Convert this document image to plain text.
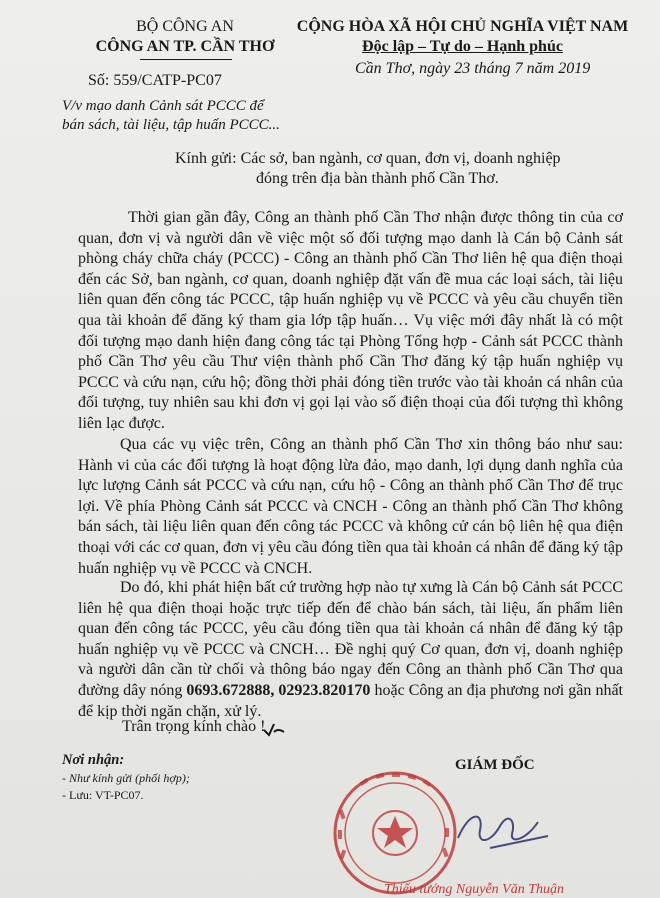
BỘ CÔNG AN
CÔNG AN TP. CẦN THƠ
CỘNG HÒA XÃ HỘI CHỦ NGHĨA VIỆT NAM
Độc lập – Tự do – Hạnh phúc
Số: 559/CATP-PC07
Cần Thơ, ngày 23 tháng 7 năm 2019
V/v mạo danh Cảnh sát PCCC để
bán sách, tài liệu, tập huấn PCCC...
Kính gửi: Các sở, ban ngành, cơ quan, đơn vị, doanh nghiệp
đóng trên địa bàn thành phố Cần Thơ.
Thời gian gần đây, Công an thành phố Cần Thơ nhận được thông tin của cơ quan, đơn vị và người dân về việc một số đối tượng mạo danh là Cán bộ Cảnh sát phòng cháy chữa cháy (PCCC) - Công an thành phố Cần Thơ liên hệ qua điện thoại đến các Sở, ban ngành, cơ quan, doanh nghiệp đặt vấn đề mua các loại sách, tài liệu liên quan đến công tác PCCC, tập huấn nghiệp vụ về PCCC và yêu cầu chuyển tiền qua tài khoản để đăng ký tham gia lớp tập huấn… Vụ việc mới đây nhất là có một đối tượng mạo danh hiện đang công tác tại Phòng Tổng hợp - Cảnh sát PCCC thành phố Cần Thơ yêu cầu Thư viện thành phố Cần Thơ đăng ký tập huấn nghiệp vụ PCCC và cứu nạn, cứu hộ; đồng thời phải đóng tiền trước vào tài khoản cá nhân của đối tượng, tuy nhiên sau khi đơn vị gọi lại vào số điện thoại của đối tượng thì không liên lạc được.
Qua các vụ việc trên, Công an thành phố Cần Thơ xin thông báo như sau: Hành vi của các đối tượng là hoạt động lừa đảo, mạo danh, lợi dụng danh nghĩa của lực lượng Cảnh sát PCCC và cứu nạn, cứu hộ - Công an thành phố Cần Thơ để trục lợi. Về phía Phòng Cảnh sát PCCC và CNCH - Công an thành phố Cần Thơ không bán sách, tài liệu liên quan đến công tác PCCC và không cử cán bộ liên hệ qua điện thoại với các cơ quan, đơn vị yêu cầu đóng tiền qua tài khoản cá nhân để đăng ký tập huấn nghiệp vụ về PCCC và CNCH.
Do đó, khi phát hiện bất cứ trường hợp nào tự xưng là Cán bộ Cảnh sát PCCC liên hệ qua điện thoại hoặc trực tiếp đến để chào bán sách, tài liệu, ấn phẩm liên quan đến công tác PCCC, yêu cầu đóng tiền qua tài khoản cá nhân để đăng ký tập huấn nghiệp vụ về PCCC và CNCH… Đề nghị quý Cơ quan, đơn vị, doanh nghiệp và người dân cần từ chối và thông báo ngay đến Công an thành phố Cần Thơ qua đường dây nóng 0693.672888, 02923.820170 hoặc Công an địa phương nơi gần nhất để kịp thời ngăn chặn, xử lý.
Trân trọng kính chào !
Nơi nhận:
- Như kính gửi (phối hợp);
- Lưu: VT-PC07.
GIÁM ĐỐC
Thiếu tướng Nguyễn Văn Thuận
